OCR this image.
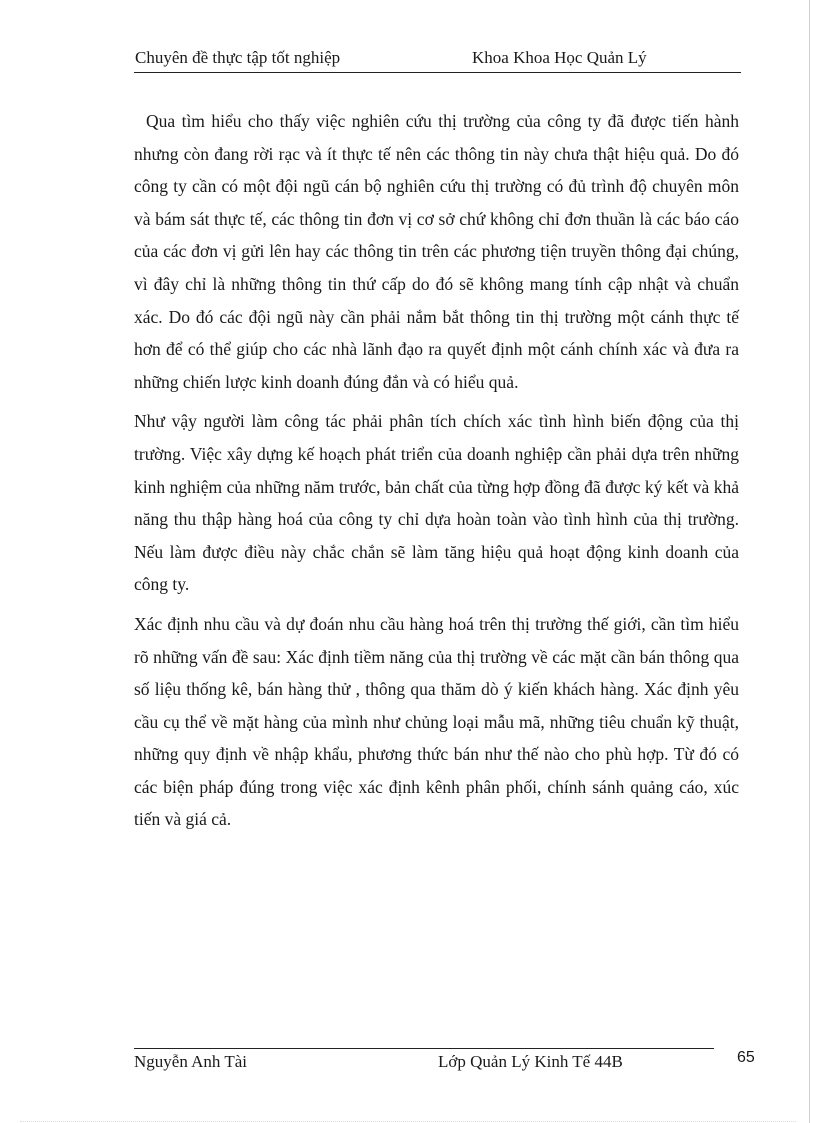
Chuyên đề thực tập tốt nghiệp	Khoa Khoa Học Quản Lý

Qua tìm hiểu cho thấy việc nghiên cứu thị trường của công ty đã được tiến hành nhưng còn đang rời rạc và ít thực tế nên các thông tin này chưa thật hiệu quả. Do đó công ty cần có một đội ngũ cán bộ nghiên cứu thị trường có đủ trình độ chuyên môn và bám sát thực tế, các thông tin đơn vị cơ sở chứ không chỉ đơn thuần là các báo cáo của các đơn vị gửi lên hay các thông tin trên các phương tiện truyền thông đại chúng, vì đây chỉ là những thông tin thứ cấp do đó sẽ không mang tính cập nhật và chuẩn xác. Do đó các đội ngũ này cần phải nắm bắt thông tin thị trường một cánh thực tế hơn để có thể giúp cho các nhà lãnh đạo ra quyết định một cánh chính xác và đưa ra những chiến lược kinh doanh đúng đắn và có hiểu quả.

Như vậy người làm công tác phải phân tích chích xác tình hình biến động của thị trường. Việc xây dựng kế hoạch phát triển của doanh nghiệp cần phải dựa trên những kinh nghiệm của những năm trước, bản chất của từng hợp đồng đã được ký kết và khả năng thu thập hàng hoá của công ty chỉ dựa hoàn toàn vào tình hình của thị trường. Nếu làm được điều này chắc chắn sẽ làm tăng hiệu quả hoạt động kinh doanh của công ty.

Xác định nhu cầu và dự đoán nhu cầu hàng hoá trên thị trường thế giới, cần tìm hiểu rõ những vấn đề sau: Xác định tiềm năng của thị trường về các mặt cần bán thông qua số liệu thống kê, bán hàng thử , thông qua thăm dò ý kiến khách hàng. Xác định yêu cầu cụ thể về mặt hàng của mình như chủng loại mẫu mã, những tiêu chuẩn kỹ thuật, những quy định về nhập khẩu, phương thức bán như thế nào cho phù hợp. Từ đó có các biện pháp đúng trong việc xác định kênh phân phối, chính sánh quảng cáo, xúc tiến và giá cả.

Nguyễn Anh Tài	Lớp Quản Lý Kinh Tế 44B	65
